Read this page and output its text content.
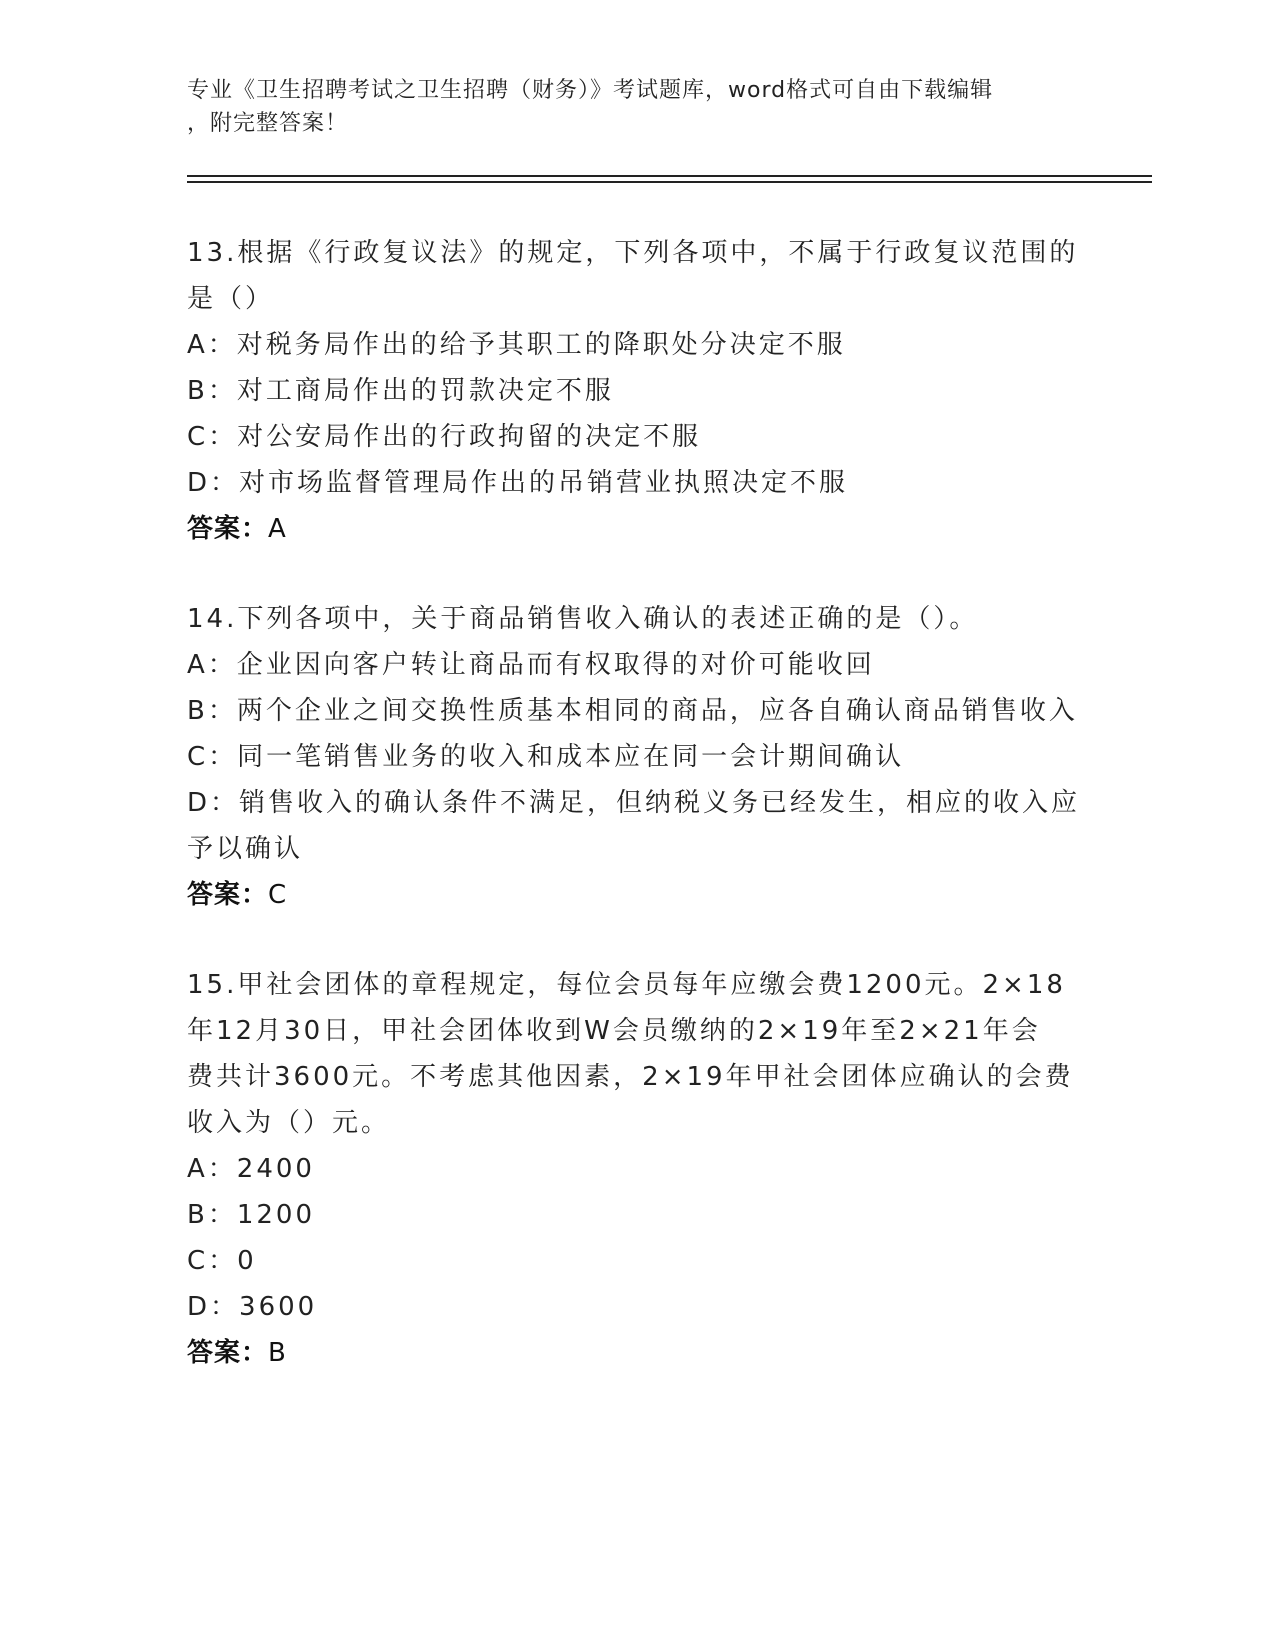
专业《卫生招聘考试之卫生招聘（财务）》考试题库，word格式可自由下载编辑
，附完整答案！
13.根据《行政复议法》的规定，下列各项中，不属于行政复议范围的
是（）
A：对税务局作出的给予其职工的降职处分决定不服
B：对工商局作出的罚款决定不服
C：对公安局作出的行政拘留的决定不服
D：对市场监督管理局作出的吊销营业执照决定不服
答案：A
14.下列各项中，关于商品销售收入确认的表述正确的是（）。
A：企业因向客户转让商品而有权取得的对价可能收回
B：两个企业之间交换性质基本相同的商品，应各自确认商品销售收入
C：同一笔销售业务的收入和成本应在同一会计期间确认
D：销售收入的确认条件不满足，但纳税义务已经发生，相应的收入应
予以确认
答案：C
15.甲社会团体的章程规定，每位会员每年应缴会费1200元。2×18
年12月30日，甲社会团体收到W会员缴纳的2×19年至2×21年会
费共计3600元。不考虑其他因素，2×19年甲社会团体应确认的会费
收入为（）元。
A：2400
B：1200
C：0
D：3600
答案：B
